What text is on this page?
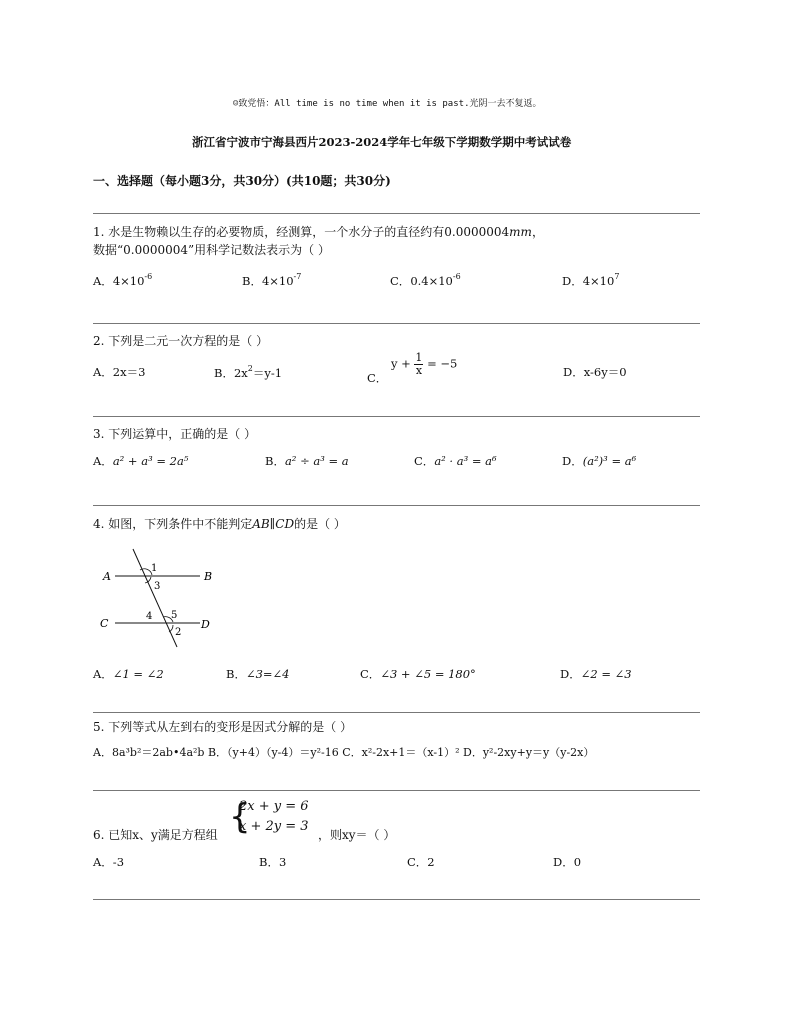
☺致党悟：All time is no time when it is past.光阴一去不复返。
浙江省宁波市宁海县西片2023-2024学年七年级下学期数学期中考试试卷
一、选择题（每小题3分，共30分）(共10题；共30分)
1. 水是生物赖以生存的必要物质，经测算，一个水分子的直径约有0.0000004mm，
数据“0.0000004”用科学记数法表示为（ ）
A．$4\times 10^{-6}$	B．$4\times 10^{-7}$	C．$0.4\times 10^{-6}$	D．$4\times 10^7$
2. 下列是二元一次方程的是（ ）
A．2x＝3	B．$2x^2=y-1$	C． $y + \frac{1}{x} = -5$
D．x-6y＝0
3. 下列运算中，正确的是（ ）
A．a² + a³ = 2a⁵	B．a² ÷ a³ = a	C．a² · a³ = a⁶	D．(a²)³ = a⁶
4. 如图，下列条件中不能判定AB∥CD的是（ ）
A	B
C	D
1
3
4 5
2
A．∠1 = ∠2	B．∠3=∠4	C．∠3 + ∠5 = 180°	D．∠2 = ∠3
5. 下列等式从左到右的变形是因式分解的是（ ）
A．8a³b²＝2ab•4a²b B．（y+4）（y-4）＝y²-16 C．x²-2x+1＝（x-1）² D．y²-2xy+y＝y（y-2x）
6. 已知x、y满足方程组 {
2x + y = 6
x + 2y = 3
，则xy＝（ ）
A．-3	B．3	C．2	D．0
